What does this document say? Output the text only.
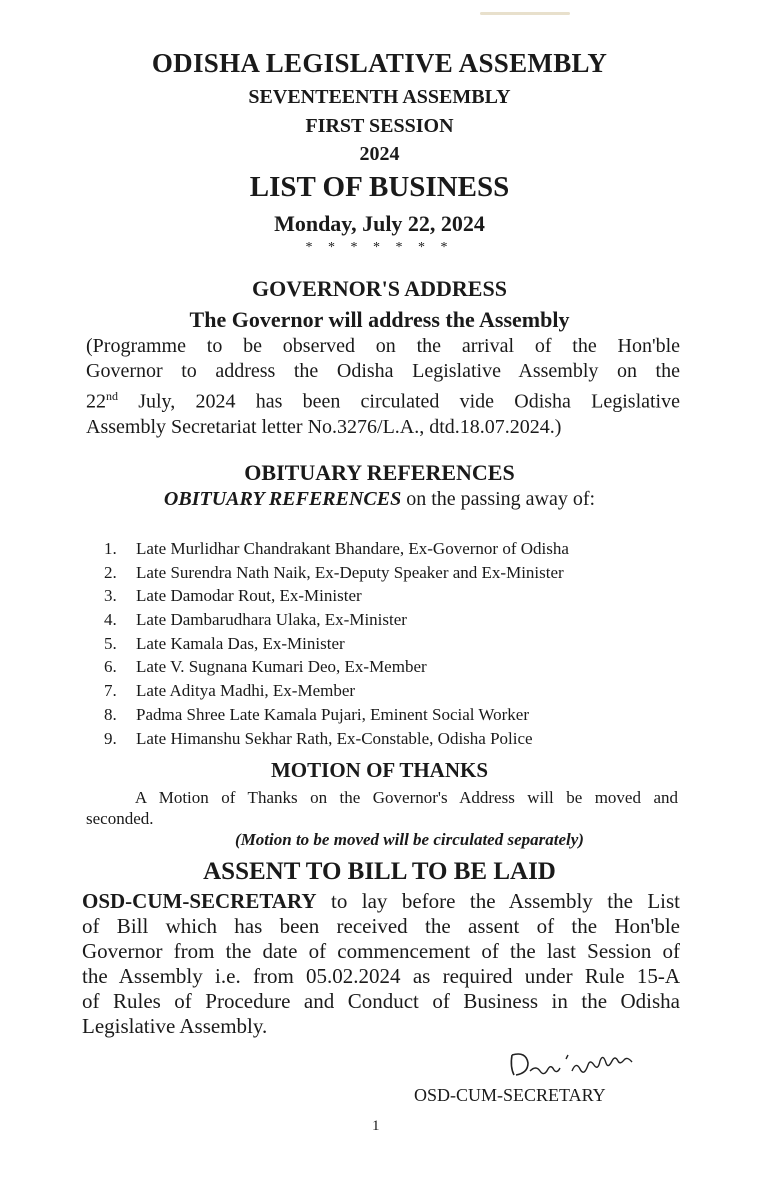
ODISHA LEGISLATIVE ASSEMBLY
SEVENTEENTH ASSEMBLY
FIRST SESSION
2024
LIST OF BUSINESS
Monday, July 22, 2024
* * * * * * *
GOVERNOR'S ADDRESS
The Governor will address the Assembly
(Programme to be observed on the arrival of the Hon'ble
Governor to address the Odisha Legislative Assembly on the
22nd July, 2024 has been circulated vide Odisha Legislative
Assembly Secretariat letter No.3276/L.A., dtd.18.07.2024.)
OBITUARY REFERENCES
OBITUARY REFERENCES on the passing away of:
1. Late Murlidhar Chandrakant Bhandare, Ex-Governor of Odisha
2. Late Surendra Nath Naik, Ex-Deputy Speaker and Ex-Minister
3. Late Damodar Rout, Ex-Minister
4. Late Dambarudhara Ulaka, Ex-Minister
5. Late Kamala Das, Ex-Minister
6. Late V. Sugnana Kumari Deo, Ex-Member
7. Late Aditya Madhi, Ex-Member
8. Padma Shree Late Kamala Pujari, Eminent Social Worker
9. Late Himanshu Sekhar Rath, Ex-Constable, Odisha Police
MOTION OF THANKS
A Motion of Thanks on the Governor's Address will be moved and
seconded.
(Motion to be moved will be circulated separately)
ASSENT TO BILL TO BE LAID
OSD-CUM-SECRETARY to lay before the Assembly the List
of Bill which has been received the assent of the Hon'ble
Governor from the date of commencement of the last Session of
the Assembly i.e. from 05.02.2024 as required under Rule 15-A
of Rules of Procedure and Conduct of Business in the Odisha
Legislative Assembly.
OSD-CUM-SECRETARY
1
